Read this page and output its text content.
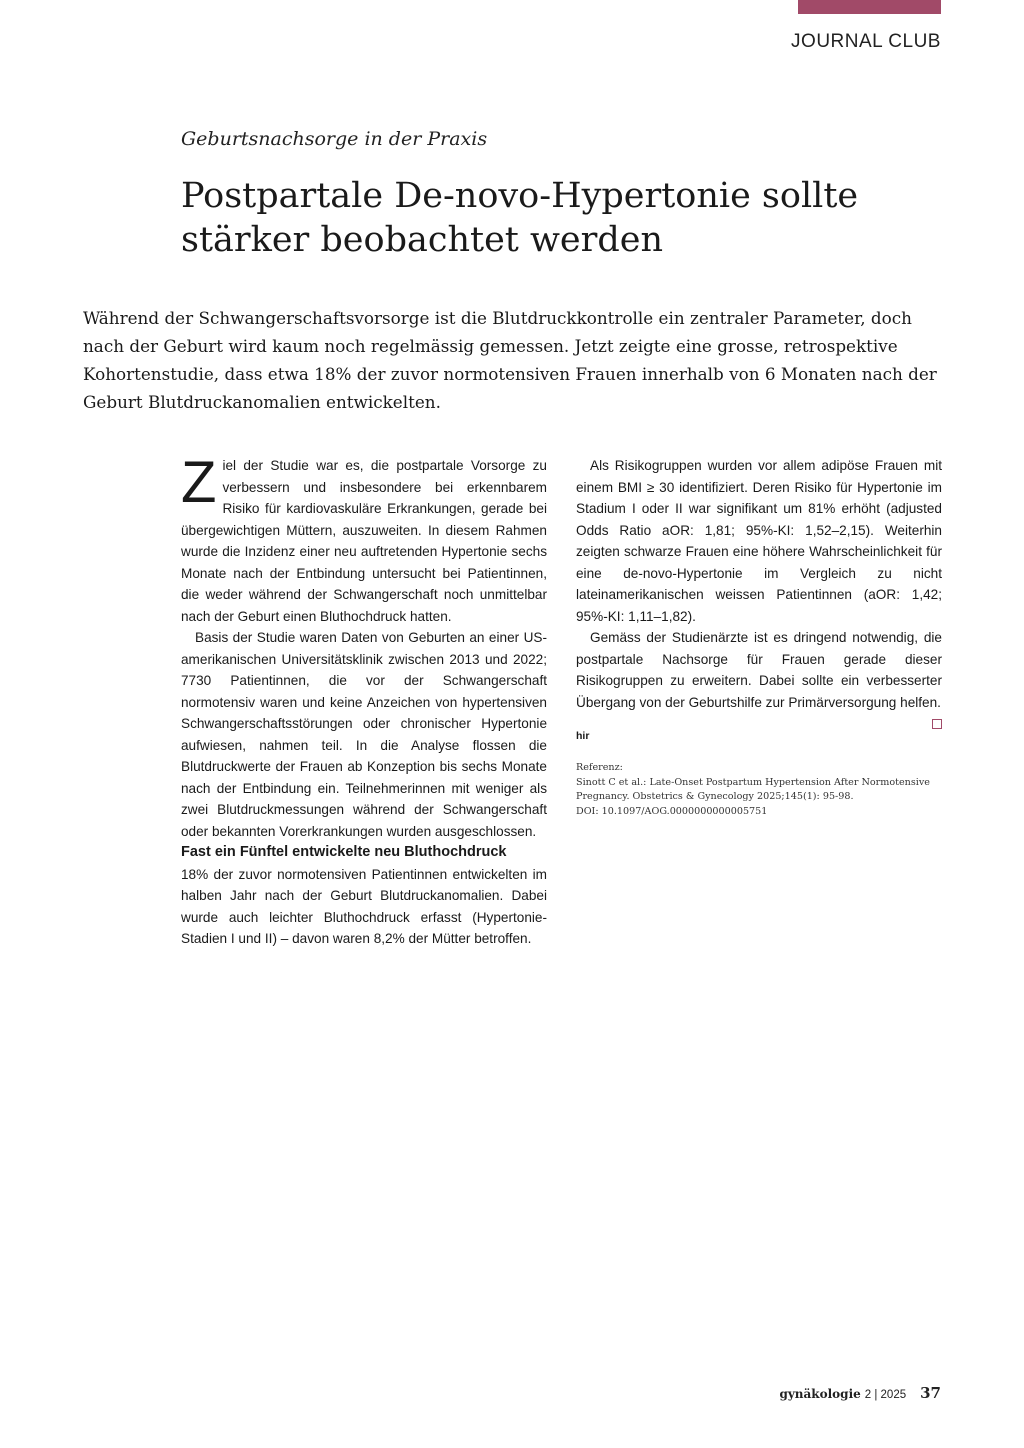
JOURNAL CLUB
Geburtsnachsorge in der Praxis
Postpartale De-novo-Hypertonie sollte stärker beobachtet werden

Während der Schwangerschaftsvorsorge ist die Blutdruckkontrolle ein zentraler Parameter, doch nach der Geburt wird kaum noch regelmässig gemessen. Jetzt zeigte eine grosse, retrospektive Kohortenstudie, dass etwa 18% der zuvor normotensiven Frauen innerhalb von 6 Monaten nach der Geburt Blutdruckanomalien entwickelten.

Ziel der Studie war es, die postpartale Vorsorge zu verbessern und insbesondere bei erkennbarem Risiko für kardiovaskuläre Erkrankungen, gerade bei übergewichtigen Müttern, auszuweiten. In diesem Rahmen wurde die Inzidenz einer neu auftretenden Hypertonie sechs Monate nach der Entbindung untersucht bei Patientinnen, die weder während der Schwangerschaft noch unmittelbar nach der Geburt einen Bluthochdruck hatten.

Basis der Studie waren Daten von Geburten an einer US-amerikanischen Universitätsklinik zwischen 2013 und 2022; 7730 Patientinnen, die vor der Schwangerschaft normotensiv waren und keine Anzeichen von hypertensiven Schwangerschaftsstörungen oder chronischer Hypertonie aufwiesen, nahmen teil. In die Analyse flossen die Blutdruckwerte der Frauen ab Konzeption bis sechs Monate nach der Entbindung ein. Teilnehmerinnen mit weniger als zwei Blutdruckmessungen während der Schwangerschaft oder bekannten Vorerkrankungen wurden ausgeschlossen.

Fast ein Fünftel entwickelte neu Bluthochdruck

18% der zuvor normotensiven Patientinnen entwickelten im halben Jahr nach der Geburt Blutdruckanomalien. Dabei wurde auch leichter Bluthochdruck erfasst (Hypertonie-Stadien I und II) – davon waren 8,2% der Mütter betroffen.

Als Risikogruppen wurden vor allem adipöse Frauen mit einem BMI ≥ 30 identifiziert. Deren Risiko für Hypertonie im Stadium I oder II war signifikant um 81% erhöht (adjusted Odds Ratio aOR: 1,81; 95%-KI: 1,52–2,15). Weiterhin zeigten schwarze Frauen eine höhere Wahrscheinlichkeit für eine de-novo-Hypertonie im Vergleich zu nicht lateinamerikanischen weissen Patientinnen (aOR: 1,42; 95%-KI: 1,11–1,82).

Gemäss der Studienärzte ist es dringend notwendig, die postpartale Nachsorge für Frauen gerade dieser Risikogruppen zu erweitern. Dabei sollte ein verbesserter Übergang von der Geburtshilfe zur Primärversorgung helfen.

hir
Referenz:
Sinott C et al.: Late-Onset Postpartum Hypertension After Normotensive
Pregnancy. Obstetrics & Gynecology 2025;145(1): 95-98.
DOI: 10.1097/AOG.0000000000005751
gynäkologie 2 | 2025 37
